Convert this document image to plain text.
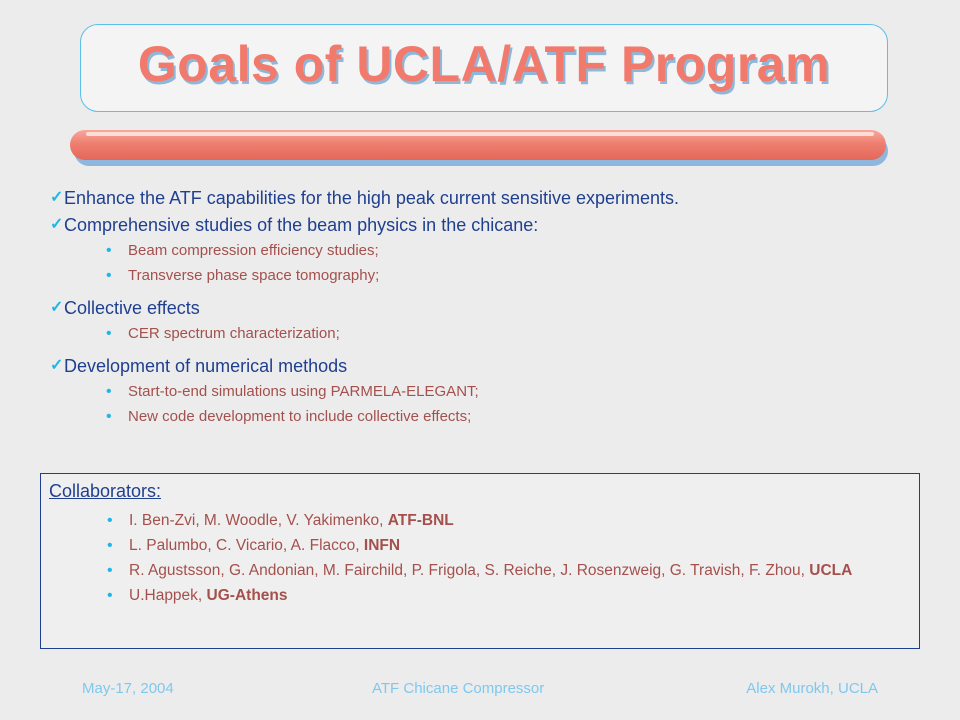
Goals of UCLA/ATF Program
✓ Enhance the ATF capabilities for the high peak current sensitive experiments.
✓ Comprehensive studies of the beam physics in the chicane:
•	Beam compression efficiency studies;
•	Transverse phase space tomography;
✓ Collective effects
•	CER spectrum characterization;
✓ Development of numerical methods
•	Start-to-end simulations using PARMELA-ELEGANT;
•	New code development to include collective effects;
Collaborators:
•	I. Ben-Zvi, M. Woodle, V. Yakimenko, ATF-BNL
•	L. Palumbo, C. Vicario, A. Flacco, INFN
•	R. Agustsson, G. Andonian, M. Fairchild, P. Frigola, S. Reiche, J. Rosenzweig, G. Travish, F. Zhou, UCLA
•	U.Happek, UG-Athens
May-17, 2004	ATF Chicane Compressor	Alex Murokh, UCLA
